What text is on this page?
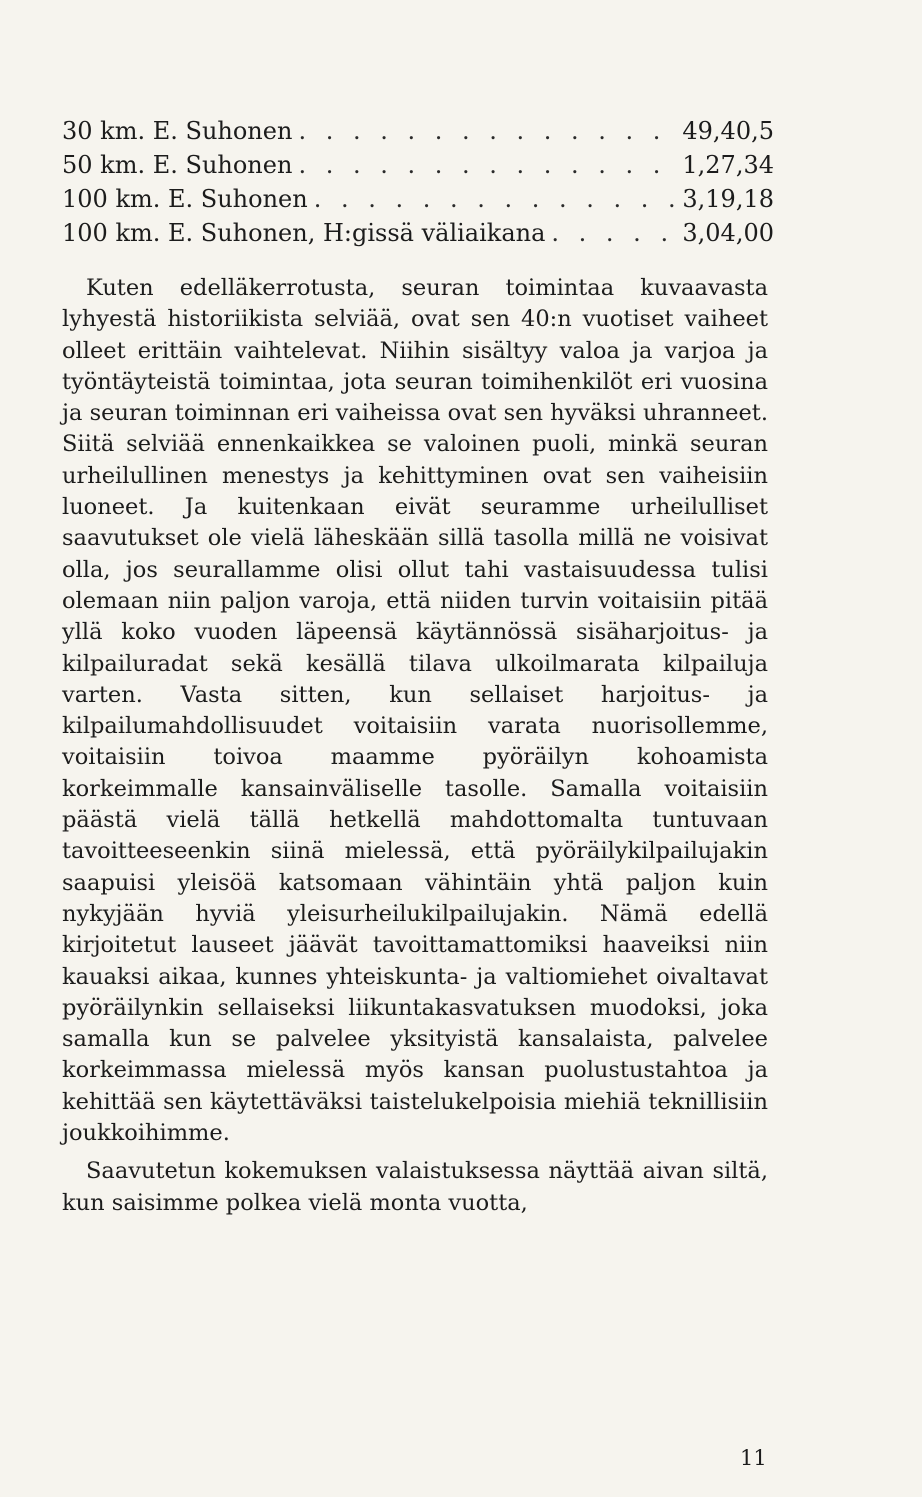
30 km. E. Suhonen . . .	49,40,5
50 km. E. Suhonen . . .	1,27,34
100 km. E. Suhonen . . .	3,19,18
100 km. E. Suhonen, H:gissä väliaikana . . .	3,04,00

Kuten edelläkerrotusta, seuran toimintaa kuvaavasta lyhyestä historiikista selviää, ovat sen 40:n vuotiset vaiheet olleet erittäin vaihtelevat. Niihin sisältyy valoa ja varjoa ja työntäyteistä toimintaa, jota seuran toimihenkilöt eri vuosina ja seuran toiminnan eri vaiheissa ovat sen hyväksi uhranneet. Siitä selviää ennenkaikkea se valoinen puoli, minkä seuran urheilullinen menestys ja kehittyminen ovat sen vaiheisiin luoneet. Ja kuitenkaan eivät seuramme urheilulliset saavutukset ole vielä läheskään sillä tasolla millä ne voisivat olla, jos seurallamme olisi ollut tahi vastaisuudessa tulisi olemaan niin paljon varoja, että niiden turvin voitaisiin pitää yllä koko vuoden läpeensä käytännössä sisäharjoitus- ja kilpailuradat sekä kesällä tilava ulkoilmarata kilpailuja varten. Vasta sitten, kun sellaiset harjoitus- ja kilpailumahdollisuudet voitaisiin varata nuorisollemme, voitaisiin toivoa maamme pyöräilyn kohoamista korkeimmalle kansainväliselle tasolle. Samalla voitaisiin päästä vielä tällä hetkellä mahdottomalta tuntuvaan tavoitteeseenkin siinä mielessä, että pyöräilykilpailujakin saapuisi yleisöä katsomaan vähintäin yhtä paljon kuin nykyjään hyviä yleisurheilukilpailujakin. Nämä edellä kirjoitetut lauseet jäävät tavoittamattomiksi haaveiksi niin kauaksi aikaa, kunnes yhteiskunta- ja valtiomiehet oivaltavat pyöräilynkin sellaiseksi liikuntakasvatuksen muodoksi, joka samalla kun se palvelee yksityistä kansalaista, palvelee korkeimmassa mielessä myös kansan puolustustahtoa ja kehittää sen käytettäväksi taistelukelpoisia miehiä teknillisiin joukkoihimme.

Saavutetun kokemuksen valaistuksessa näyttää aivan siltä, kun saisimme polkea vielä monta vuotta,

11
